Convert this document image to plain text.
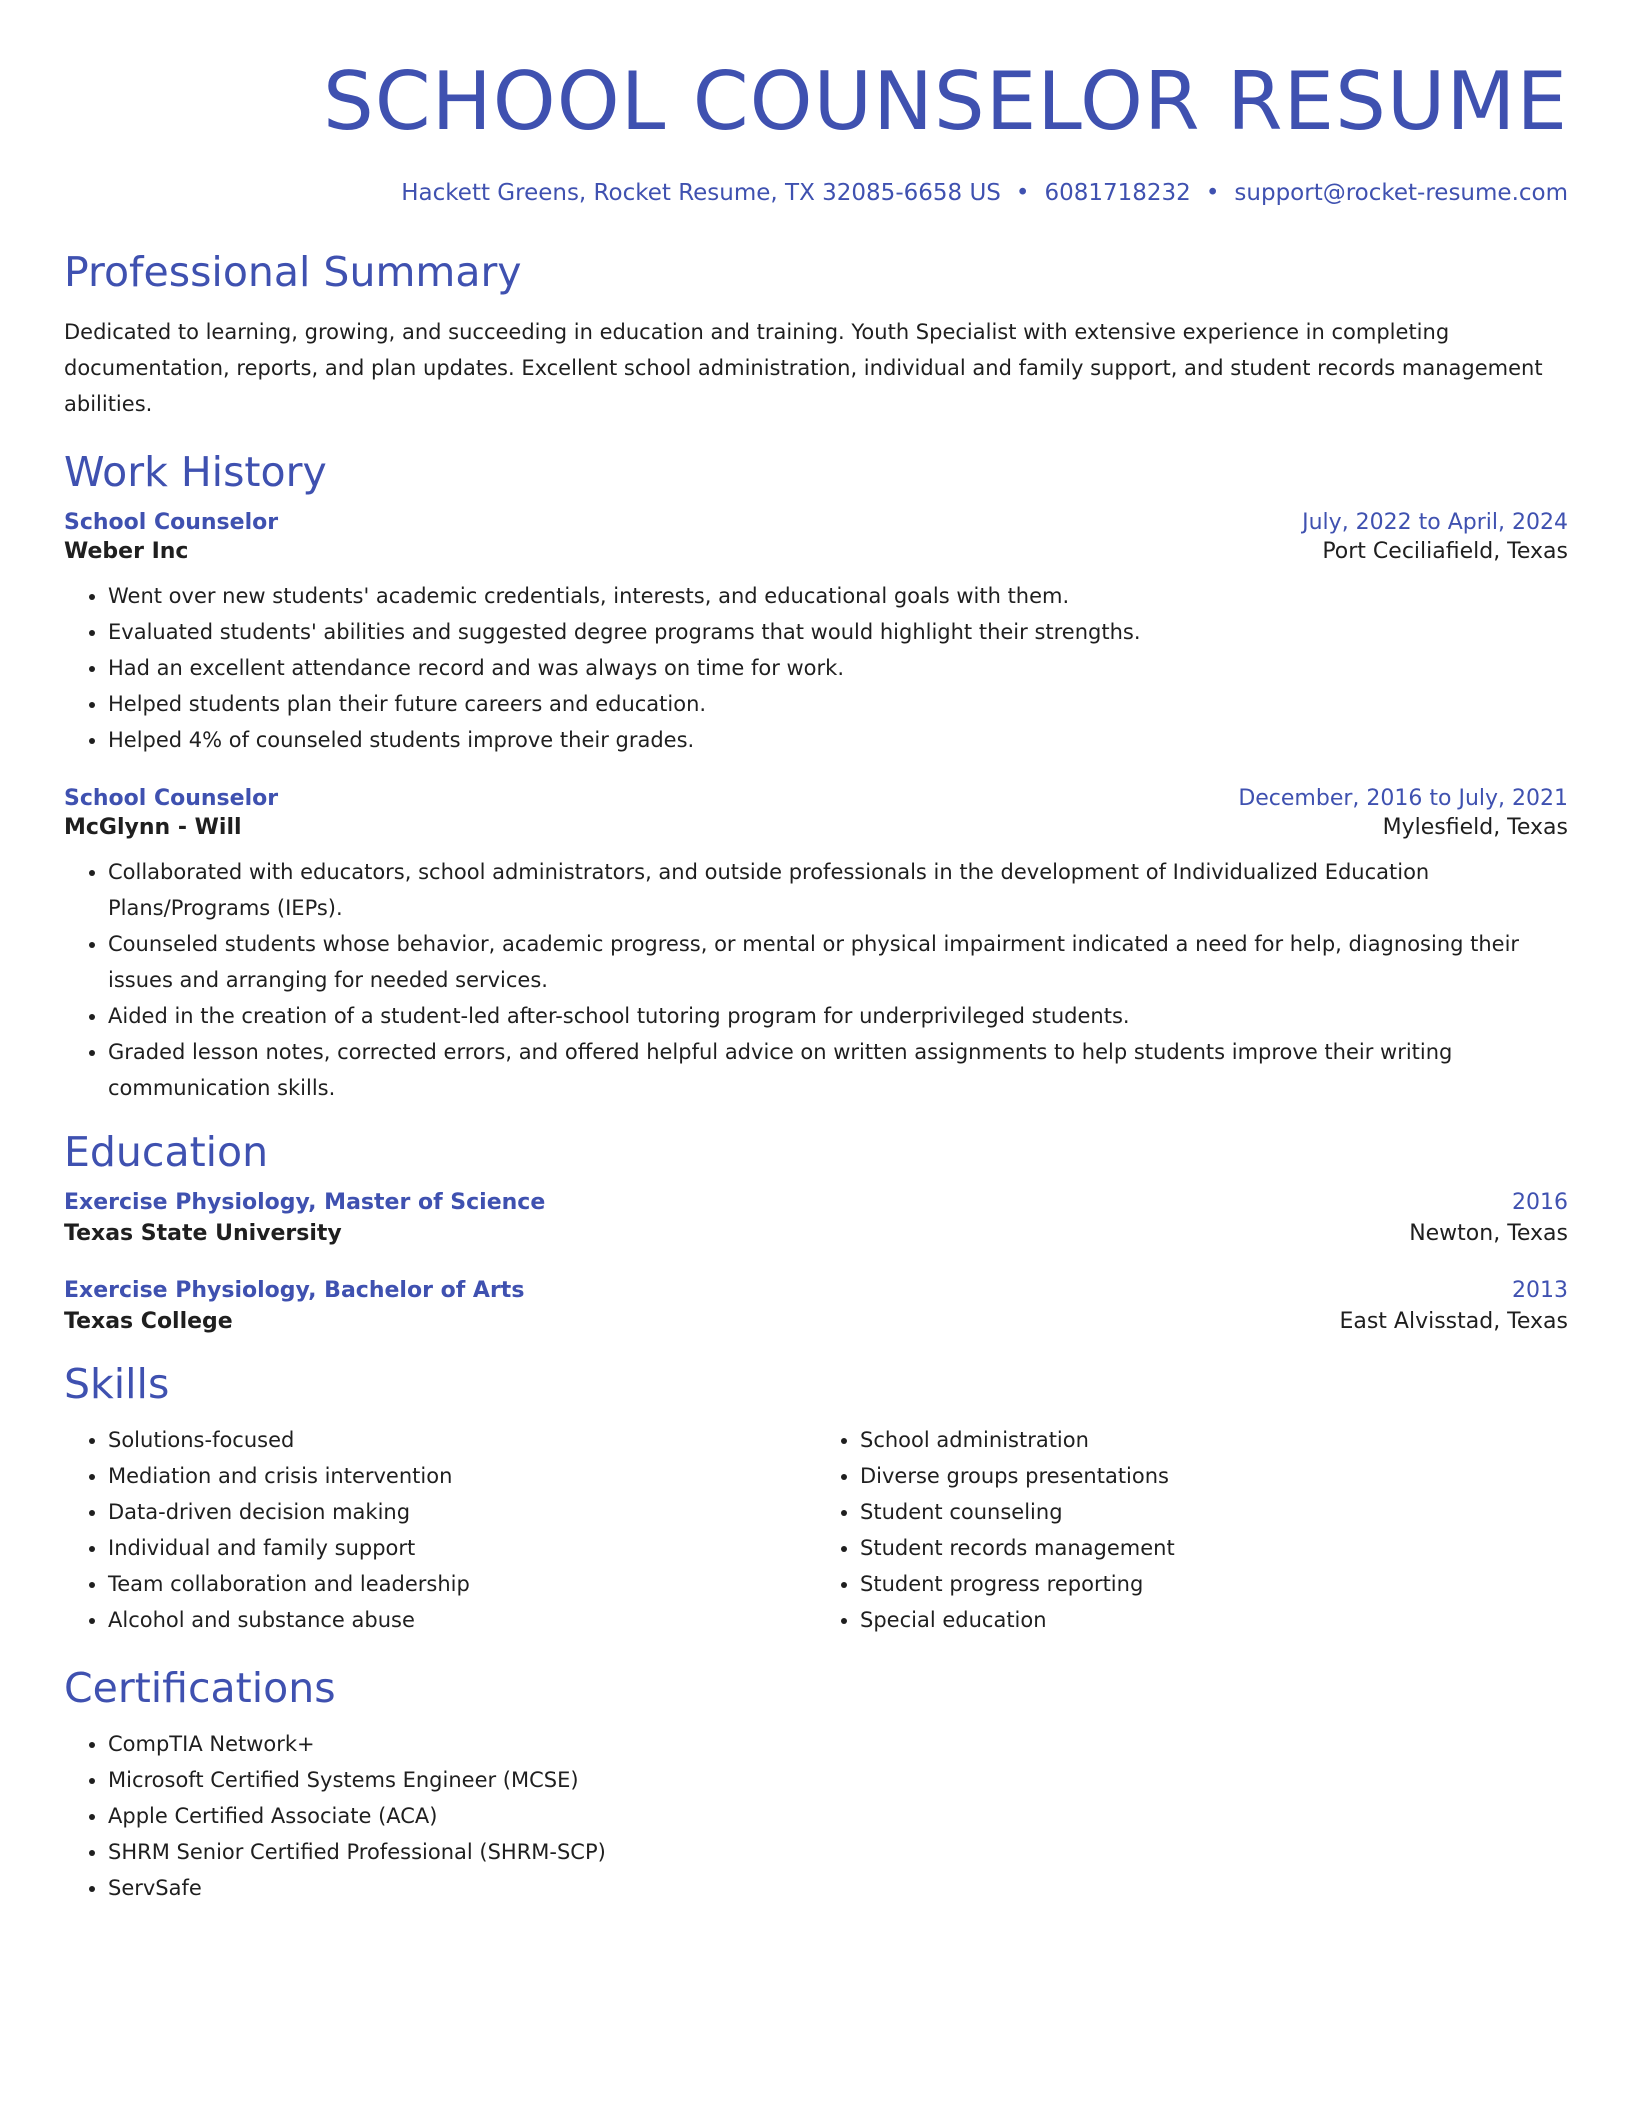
SCHOOL COUNSELOR RESUME
Hackett Greens, Rocket Resume, TX 32085-6658 US • 6081718232 • support@rocket-resume.com
Professional Summary

Dedicated to learning, growing, and succeeding in education and training. Youth Specialist with extensive experience in completing documentation, reports, and plan updates. Excellent school administration, individual and family support, and student records management abilities.

Work History
School Counselor	July, 2022 to April, 2024
Weber Inc	Port Ceciliafield, Texas
• Went over new students' academic credentials, interests, and educational goals with them.
• Evaluated students' abilities and suggested degree programs that would highlight their strengths.
• Had an excellent attendance record and was always on time for work.
• Helped students plan their future careers and education.
• Helped 4% of counseled students improve their grades.
School Counselor	December, 2016 to July, 2021
McGlynn - Will	Mylesfield, Texas
• Collaborated with educators, school administrators, and outside professionals in the development of Individualized Education Plans/Programs (IEPs).
• Counseled students whose behavior, academic progress, or mental or physical impairment indicated a need for help, diagnosing their issues and arranging for needed services.
• Aided in the creation of a student-led after-school tutoring program for underprivileged students.
• Graded lesson notes, corrected errors, and offered helpful advice on written assignments to help students improve their writing communication skills.
Education
Exercise Physiology, Master of Science	2016
Texas State University	Newton, Texas
Exercise Physiology, Bachelor of Arts	2013
Texas College	East Alvisstad, Texas
Skills
• Solutions-focused
• Mediation and crisis intervention
• Data-driven decision making
• Individual and family support
• Team collaboration and leadership
• Alcohol and substance abuse
• School administration
• Diverse groups presentations
• Student counseling
• Student records management
• Student progress reporting
• Special education
Certifications
• CompTIA Network+
• Microsoft Certified Systems Engineer (MCSE)
• Apple Certified Associate (ACA)
• SHRM Senior Certified Professional (SHRM-SCP)
• ServSafe
